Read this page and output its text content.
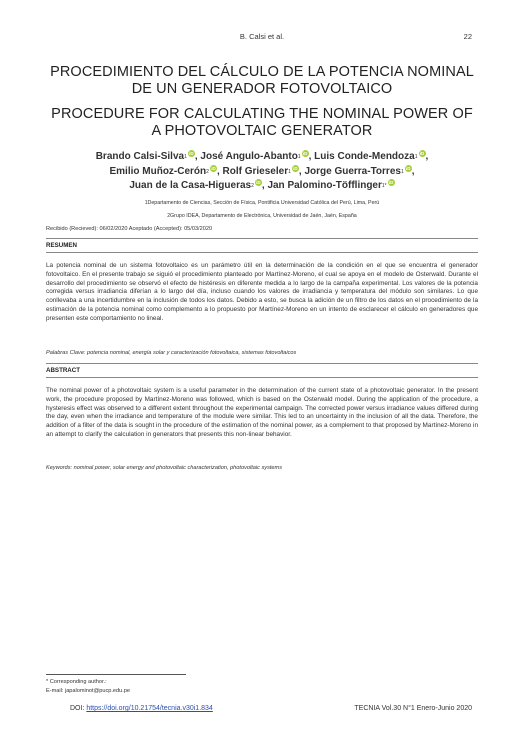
B. Calsi et al.	22
PROCEDIMIENTO DEL CÁLCULO DE LA POTENCIA NOMINAL DE UN GENERADOR FOTOVOLTAICO
PROCEDURE FOR CALCULATING THE NOMINAL POWER OF A PHOTOVOLTAIC GENERATOR
Brando Calsi-Silva$^1$iD, José Angulo-Abanto$^1$iD, Luis Conde-Mendoza$^1$iD,
Emilio Muñoz-Cerón$^2$iD, Rolf Grieseler$^1$iD, Jorge Guerra-Torres$^1$iD,
Juan de la Casa-Higueras$^2$iD, Jan Palomino-Töfflinger$^{1*}$iD
1Departamento de Ciencias, Sección de Física, Pontificia Universidad Católica del Perú, Lima, Perú
2Grupo IDEA, Departamento de Electrónica, Universidad de Jaén, Jaén, España
Recibido (Recieved): 06/02/2020 Aceptado (Accepted): 05/03/2020
RESUMEN
La potencia nominal de un sistema fotovoltaico es un parámetro útil en la determinación de la condición en el que se encuentra el generador fotovoltaico. En el presente trabajo se siguió el procedimiento planteado por Martínez-Moreno, el cual se apoya en el modelo de Osterwald. Durante el desarrollo del procedimiento se observó el efecto de histéresis en diferente medida a lo largo de la campaña experimental. Los valores de la potencia corregida versus irradiancia diferían a lo largo del día, incluso cuando los valores de irradiancia y temperatura del módulo son similares. Lo que conllevaba a una incertidumbre en la inclusión de todos los datos. Debido a esto, se busca la adición de un filtro de los datos en el procedimiento de la estimación de la potencia nominal como complemento a lo propuesto por Martínez-Moreno en un intento de esclarecer el cálculo en generadores que presenten este comportamiento no lineal.
Palabras Clave: potencia nominal, energía solar y caracterización fotovoltaica, sistemas fotovoltaicos
ABSTRACT
The nominal power of a photovoltaic system is a useful parameter in the determination of the current state of a photovoltaic generator. In the present work, the procedure proposed by Martínez-Moreno was followed, which is based on the Osterwald model. During the application of the procedure, a hysteresis effect was observed to a different extent throughout the experimental campaign. The corrected power versus irradiance values differed during the day, even when the irradiance and temperature of the module were similar. This led to an uncertainty in the inclusion of all the data. Therefore, the addition of a filter of the data is sought in the procedure of the estimation of the nominal power, as a complement to that proposed by Martínez-Moreno in an attempt to clarify the calculation in generators that presents this non-linear behavior.
Keywords: nominal power, solar energy and photovoltaic characterization, photovoltaic systems
* Corresponding author.:
E-mail: japalominot@pucp.edu.pe
DOI: https://doi.org/10.21754/tecnia.v30i1.834	TECNIA Vol.30 N°1 Enero-Junio 2020
